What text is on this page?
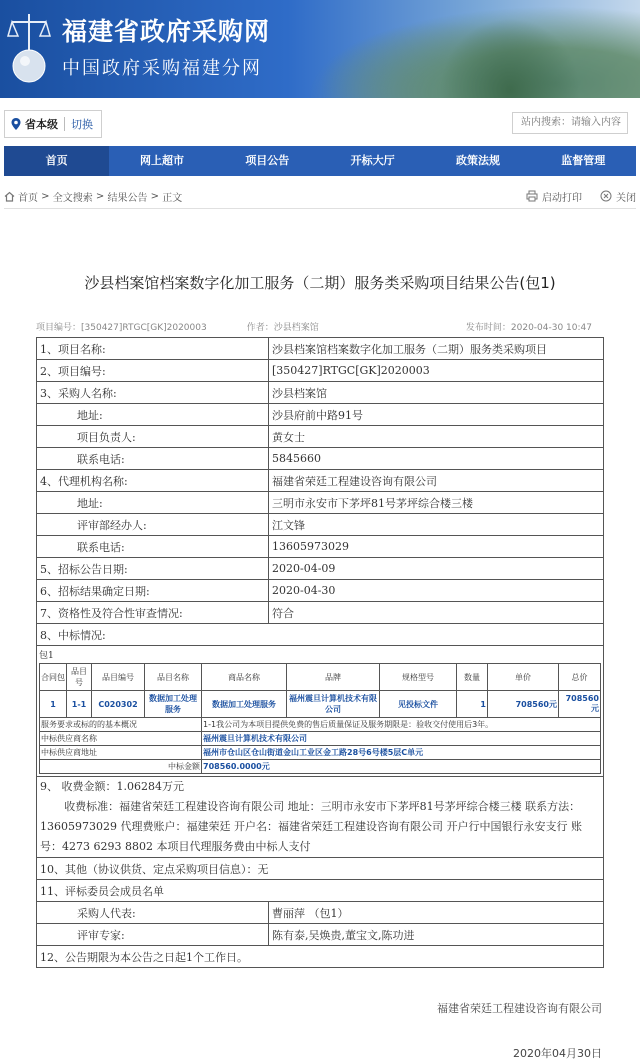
福建省政府采购网
中国政府采购福建分网
省本级 切换
站内搜索：请输入内容
首页	网上超市	项目公告	开标大厅	政策法规	监督管理
首页 > 全文搜索 > 结果公告 > 正文	启动打印	关闭
沙县档案馆档案数字化加工服务（二期）服务类采购项目结果公告(包1)
项目编号：[350427]RTGC[GK]2020003	作者：沙县档案馆	发布时间：2020-04-30 10:47
1、项目名称:	沙县档案馆档案数字化加工服务（二期）服务类采购项目
2、项目编号:	[350427]RTGC[GK]2020003
3、采购人名称:	沙县档案馆
地址:	沙县府前中路91号
项目负责人:	黄女士
联系电话:	5845660
4、代理机构名称:	福建省荣廷工程建设咨询有限公司
地址:	三明市永安市下茅坪81号茅坪综合楼三楼
评审部经办人:	江文锋
联系电话:	13605973029
5、招标公告日期:	2020-04-09
6、招标结果确定日期:	2020-04-30
7、资格性及符合性审查情况:	符合
8、中标情况:

包1
合同包	品目号	品目编号	品目名称	商品名称	品牌	规格型号	数量	单价	总价
1	1-1	C020302	数据加工处理服务	数据加工处理服务	福州震旦计算机技术有限公司	见投标文件	1	708560元	708560元
服务要求或标的的基本概况	1-1我公司为本项目提供免费的售后质量保证及服务期限是：验收交付使用后3年。
中标供应商名称	福州震旦计算机技术有限公司
中标供应商地址	福州市仓山区仓山街道金山工业区金工路28号6号楼5层C单元
中标金额	708560.0000元

9、 收费金额：1.06284万元
收费标准：福建省荣廷工程建设咨询有限公司 地址：三明市永安市下茅坪81号茅坪综合楼三楼 联系方法：13605973029 代理费账户：福建荣廷 开户名：福建省荣廷工程建设咨询有限公司 开户行中国银行永安支行 账号：4273 6293 8802 本项目代理服务费由中标人支付

10、其他（协议供货、定点采购项目信息）：无
11、评标委员会成员名单
采购人代表:	曹丽萍 （包1）
评审专家:	陈有泰,吴焕贵,董宝文,陈功进
12、公告期限为本公告之日起1个工作日。
福建省荣廷工程建设咨询有限公司
2020年04月30日
